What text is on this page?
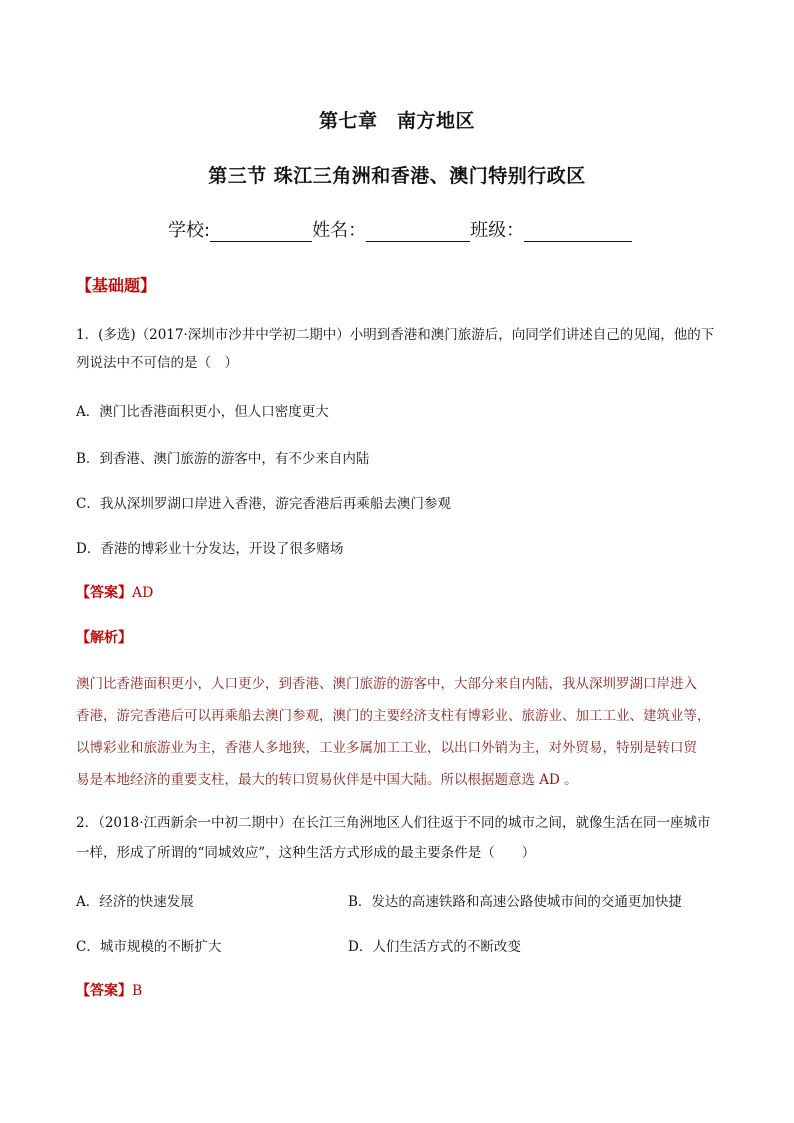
第七章　南方地区
第三节 珠江三角洲和香港、澳门特别行政区
学校:	姓名：	班级：
【基础题】
1．(多选)（2017·深圳市沙井中学初二期中）小明到香港和澳门旅游后，向同学们讲述自己的见闻，他的下
列说法中不可信的是（　）
A．澳门比香港面积更小，但人口密度更大
B．到香港、澳门旅游的游客中，有不少来自内陆
C．我从深圳罗湖口岸进入香港，游完香港后再乘船去澳门参观
D．香港的博彩业十分发达，开设了很多赌场
【答案】AD
【解析】
澳门比香港面积更小，人口更少，到香港、澳门旅游的游客中，大部分来自内陆，我从深圳罗湖口岸进入
香港，游完香港后可以再乘船去澳门参观，澳门的主要经济支柱有博彩业、旅游业、加工工业、建筑业等，
以博彩业和旅游业为主，香港人多地狭，工业多属加工工业，以出口外销为主，对外贸易，特别是转口贸
易是本地经济的重要支柱，最大的转口贸易伙伴是中国大陆。所以根据题意选 AD 。
2．（2018·江西新余一中初二期中）在长江三角洲地区人们往返于不同的城市之间，就像生活在同一座城市
一样，形成了所谓的“同城效应”，这种生活方式形成的最主要条件是（　　）
A．经济的快速发展	B．发达的高速铁路和高速公路使城市间的交通更加快捷
C．城市规模的不断扩大	D．人们生活方式的不断改变
【答案】B
